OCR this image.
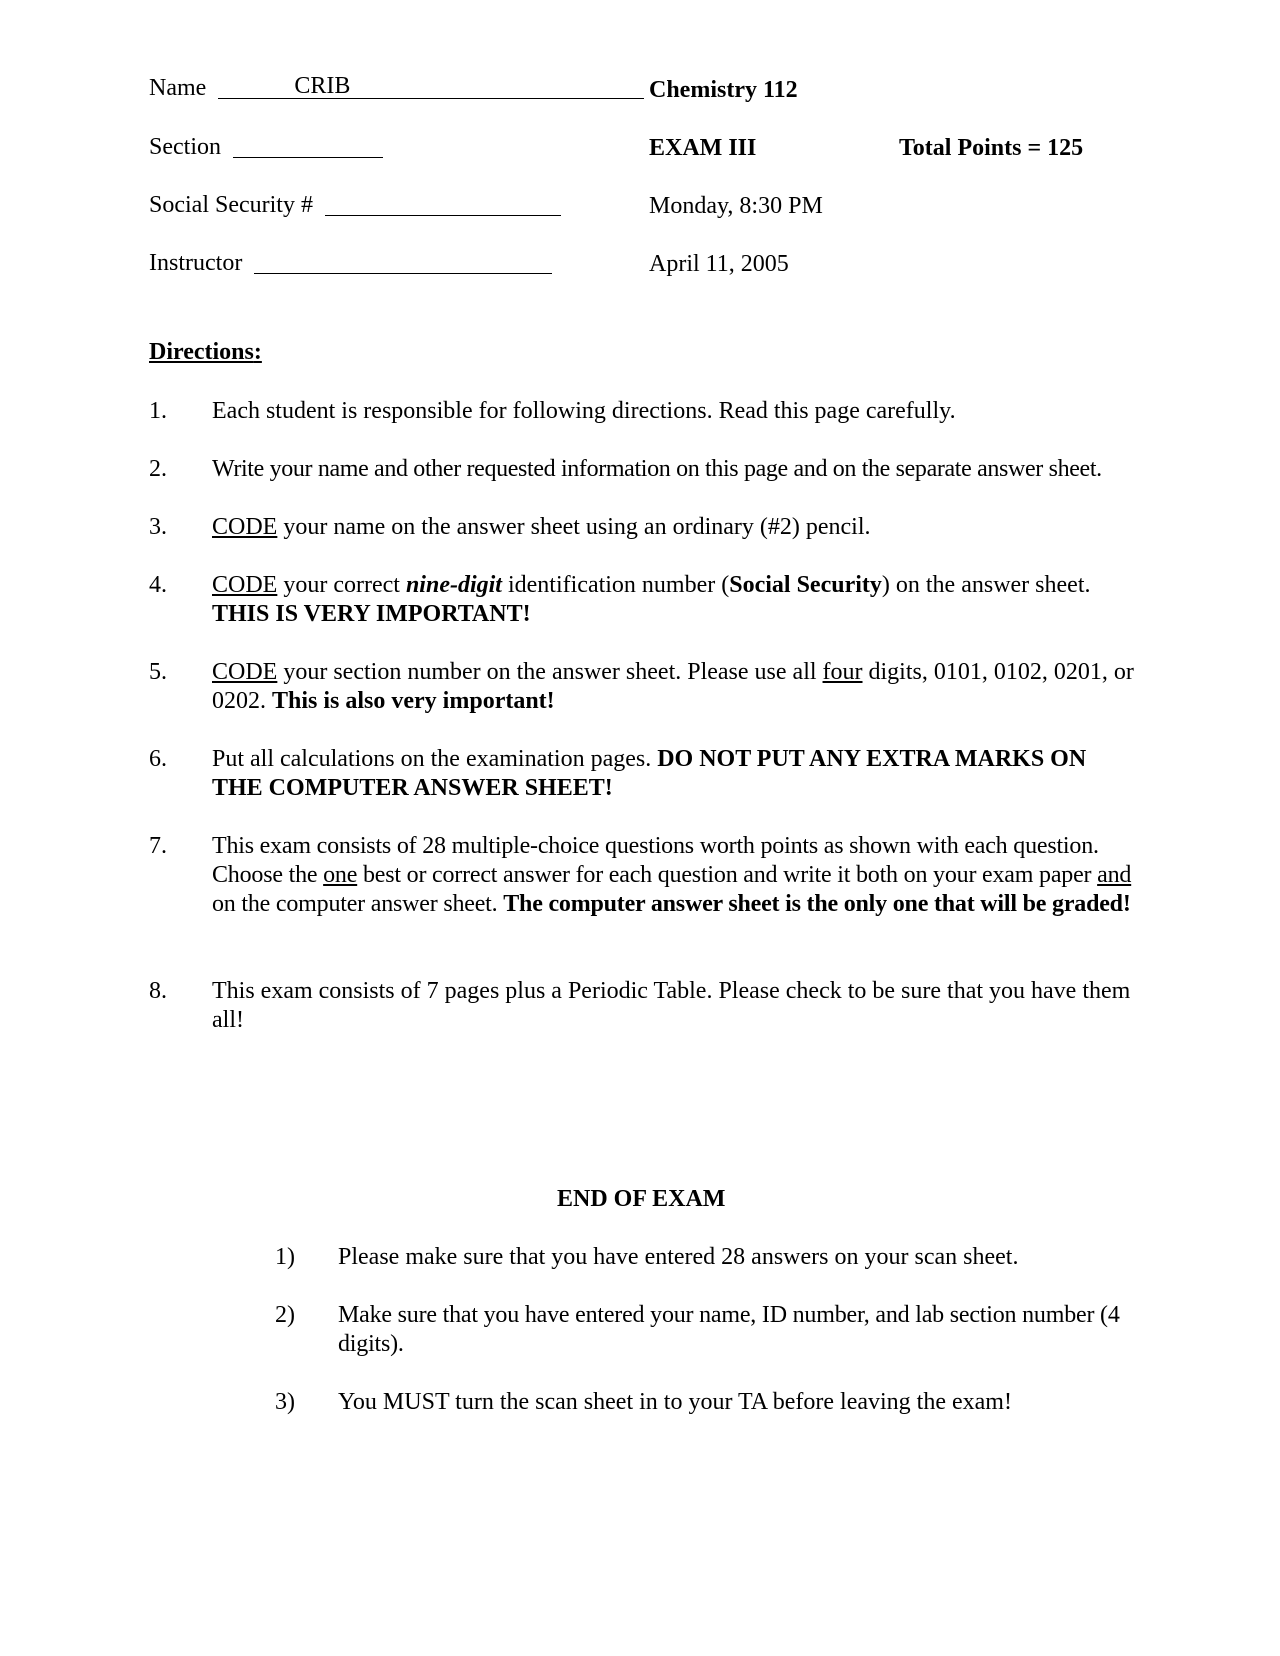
Name	CRIB
Section
Social Security #
Instructor
Chemistry 112
EXAM III	Total Points = 125
Monday, 8:30 PM
April 11, 2005
Directions:
1.	Each student is responsible for following directions. Read this page carefully.
2.	Write your name and other requested information on this page and on the separate answer sheet.
3.	CODE your name on the answer sheet using an ordinary (#2) pencil.
4.	CODE your correct nine-digit identification number (Social Security) on the answer sheet. THIS IS VERY IMPORTANT!
5.	CODE your section number on the answer sheet. Please use all four digits, 0101, 0102, 0201, or 0202. This is also very important!
6.	Put all calculations on the examination pages. DO NOT PUT ANY EXTRA MARKS ON THE COMPUTER ANSWER SHEET!
7.	This exam consists of 28 multiple-choice questions worth points as shown with each question. Choose the one best or correct answer for each question and write it both on your exam paper and on the computer answer sheet. The computer answer sheet is the only one that will be graded!
8.	This exam consists of 7 pages plus a Periodic Table. Please check to be sure that you have them all!
END OF EXAM
1)	Please make sure that you have entered 28 answers on your scan sheet.
2)	Make sure that you have entered your name, ID number, and lab section number (4 digits).
3)	You MUST turn the scan sheet in to your TA before leaving the exam!
